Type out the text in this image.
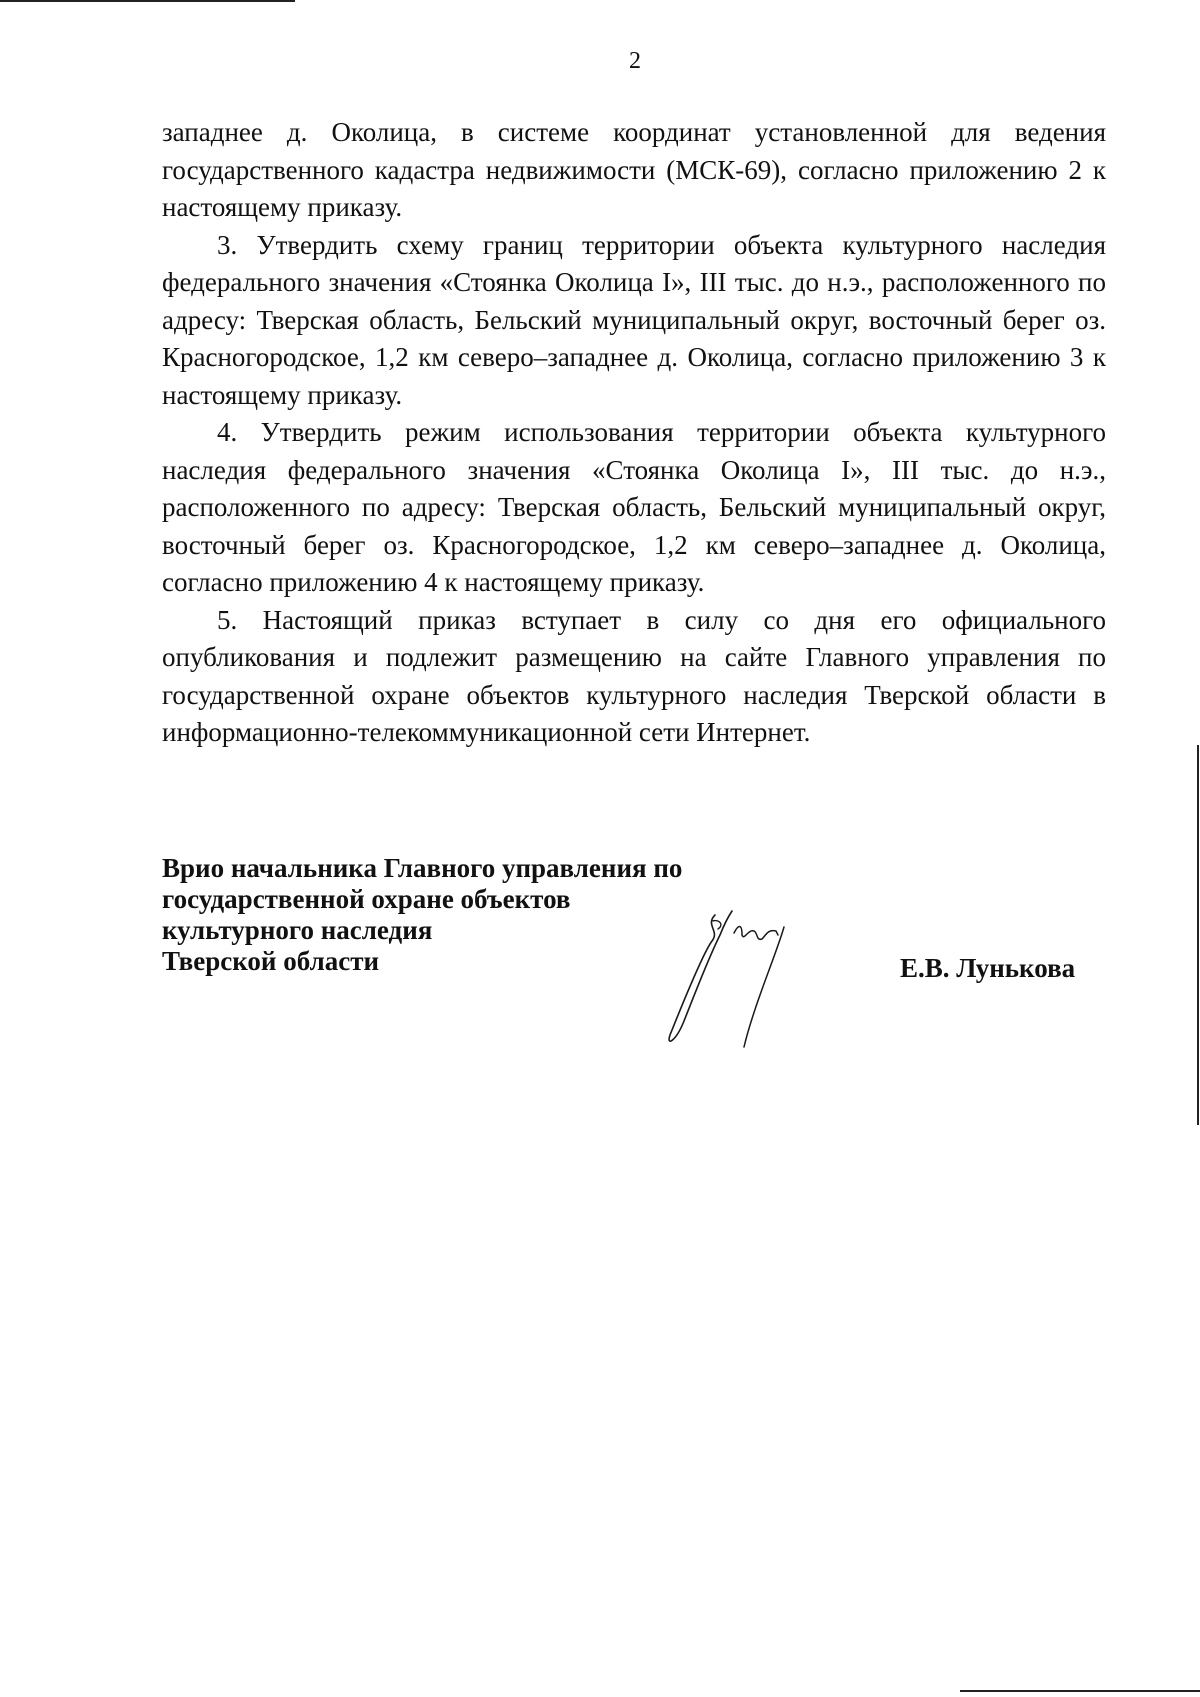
2

западнее д. Околица, в системе координат установленной для ведения государственного кадастра недвижимости (МСК-69), согласно приложению 2 к настоящему приказу.

3. Утвердить схему границ территории объекта культурного наследия федерального значения «Стоянка Околица I», III тыс. до н.э., расположенного по адресу: Тверская область, Бельский муниципальный округ, восточный берег оз. Красногородское, 1,2 км северо–западнее д. Околица, согласно приложению 3 к настоящему приказу.

4. Утвердить режим использования территории объекта культурного наследия федерального значения «Стоянка Околица I», III тыс. до н.э., расположенного по адресу: Тверская область, Бельский муниципальный округ, восточный берег оз. Красногородское, 1,2 км северо–западнее д. Околица, согласно приложению 4 к настоящему приказу.

5. Настоящий приказ вступает в силу со дня его официального опубликования и подлежит размещению на сайте Главного управления по государственной охране объектов культурного наследия Тверской области в информационно-телекоммуникационной сети Интернет.

Врио начальника Главного управления по
государственной охране объектов
культурного наследия
Тверской области	Е.В. Лунькова
